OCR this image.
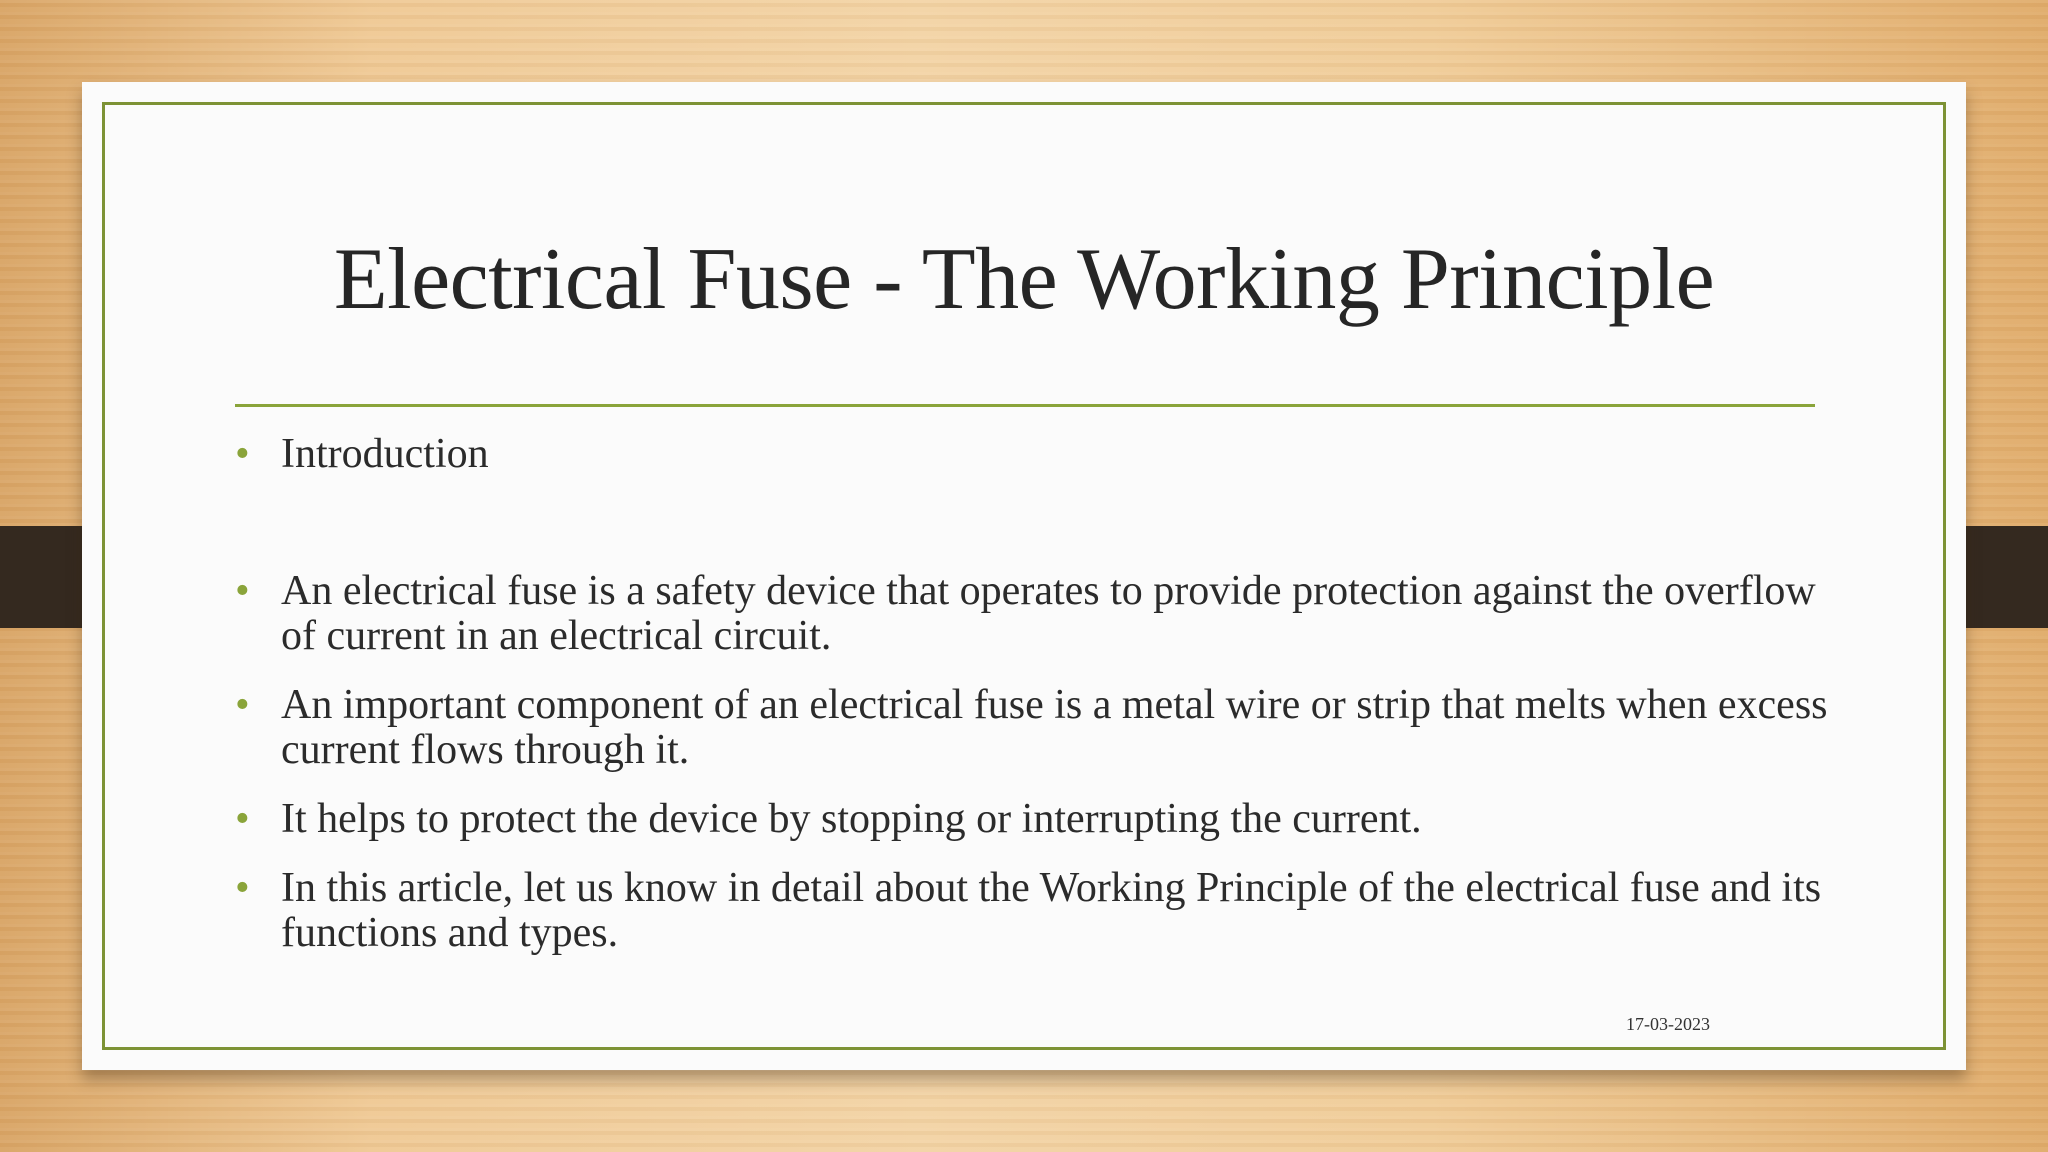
Electrical Fuse - The Working Principle
• Introduction
• An electrical fuse is a safety device that operates to provide protection against the overflow of current in an electrical circuit.
• An important component of an electrical fuse is a metal wire or strip that melts when excess current flows through it.
• It helps to protect the device by stopping or interrupting the current.
• In this article, let us know in detail about the Working Principle of the electrical fuse and its functions and types.
17-03-2023
